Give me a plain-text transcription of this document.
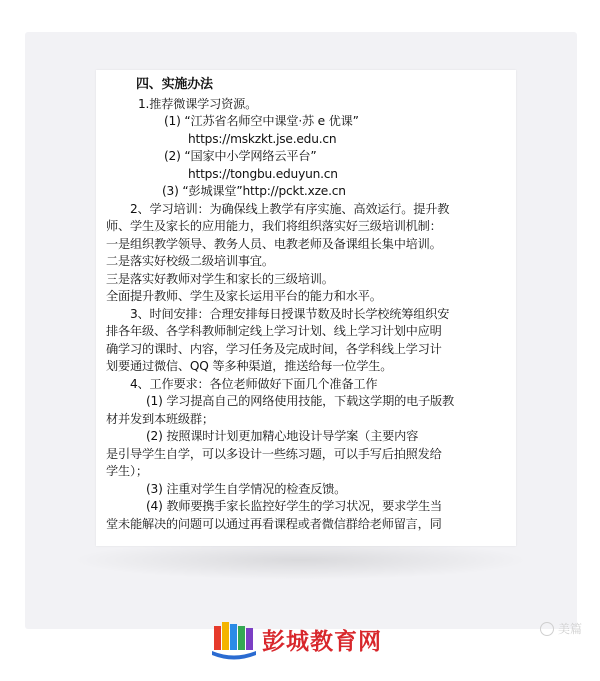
四、实施办法
1.推荐微课学习资源。
(1) “江苏省名师空中课堂·苏 e 优课”
https://mskzkt.jse.edu.cn
(2) “国家中小学网络云平台”
https://tongbu.eduyun.cn
(3) “彭城课堂”http://pckt.xze.cn
2、学习培训：为确保线上教学有序实施、高效运行。提升教
师、学生及家长的应用能力，我们将组织落实好三级培训机制：
一是组织教学领导、教务人员、电教老师及备课组长集中培训。
二是落实好校级二级培训事宜。
三是落实好教师对学生和家长的三级培训。
全面提升教师、学生及家长运用平台的能力和水平。
3、时间安排：合理安排每日授课节数及时长学校统筹组织安
排各年级、各学科教师制定线上学习计划、线上学习计划中应明
确学习的课时、内容，学习任务及完成时间，各学科线上学习计
划要通过微信、QQ 等多种渠道，推送给每一位学生。
4、工作要求：各位老师做好下面几个准备工作
(1) 学习提高自己的网络使用技能，下载这学期的电子版教
材并发到本班级群；
(2) 按照课时计划更加精心地设计导学案（主要内容
是引导学生自学，可以多设计一些练习题，可以手写后拍照发给
学生）；
(3) 注重对学生自学情况的检查反馈。
(4) 教师要携手家长监控好学生的学习状况，要求学生当
堂未能解决的问题可以通过再看课程或者微信群给老师留言，同
彭城教育网	美篇
